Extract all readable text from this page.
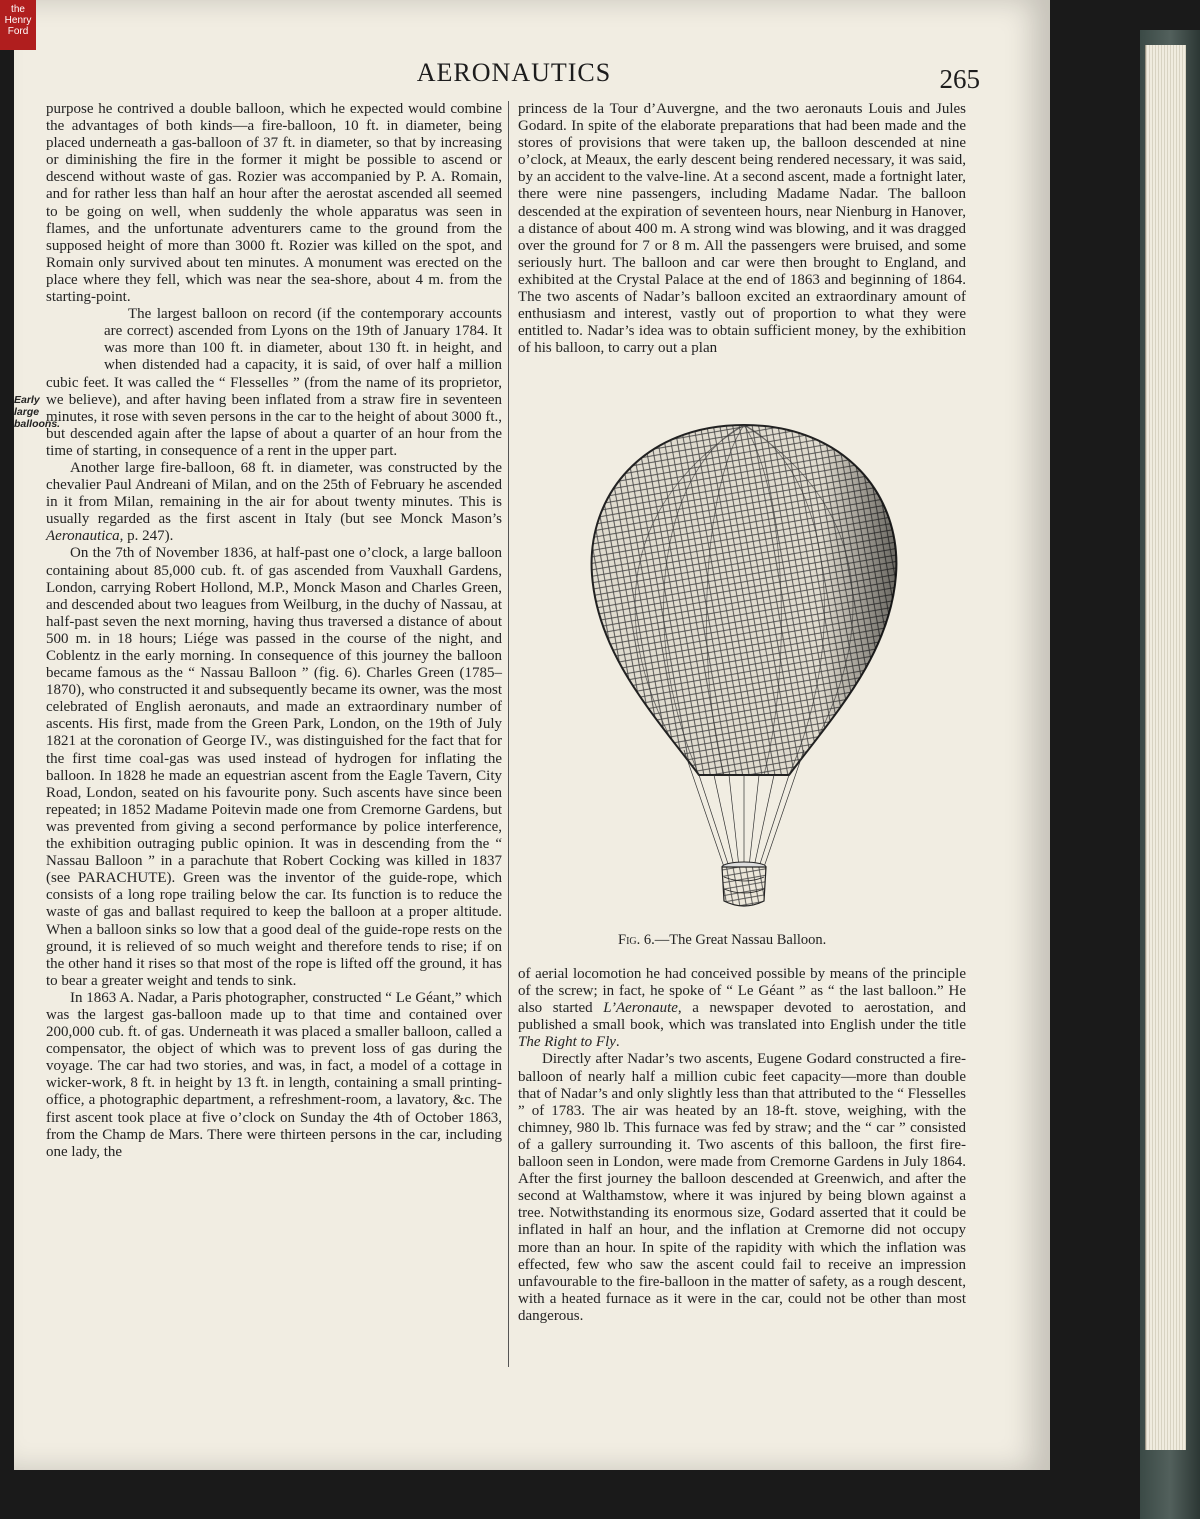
AERONAUTICS	265

purpose he contrived a double balloon, which he expected would combine the advantages of both kinds—a fire-balloon, 10 ft. in diameter, being placed underneath a gas-balloon of 37 ft. in diameter, so that by increasing or diminishing the fire in the former it might be possible to ascend or descend without waste of gas. Rozier was accompanied by P. A. Romain, and for rather less than half an hour after the aerostat ascended all seemed to be going on well, when suddenly the whole apparatus was seen in flames, and the unfortunate adventurers came to the ground from the supposed height of more than 3000 ft. Rozier was killed on the spot, and Romain only survived about ten minutes. A monument was erected on the place where they fell, which was near the sea-shore, about 4 m. from the starting-point.

The largest balloon on record (if the contemporary accounts are correct) ascended from Lyons on the 19th of January 1784. It was more than 100 ft. in diameter, about 130 ft. in height, and when distended had a capacity, it is said, of over half a million cubic feet. It was called the “ Flesselles ” (from the name of its proprietor, we believe), and after having been inflated from a straw fire in seventeen minutes, it rose with seven persons in the car to the height of about 3000 ft., but descended again after the lapse of about a quarter of an hour from the time of starting, in consequence of a rent in the upper part.

Another large fire-balloon, 68 ft. in diameter, was constructed by the chevalier Paul Andreani of Milan, and on the 25th of February he ascended in it from Milan, remaining in the air for about twenty minutes. This is usually regarded as the first ascent in Italy (but see Monck Mason’s Aeronautica, p. 247).

On the 7th of November 1836, at half-past one o’clock, a large balloon containing about 85,000 cub. ft. of gas ascended from Vauxhall Gardens, London, carrying Robert Hollond, M.P., Monck Mason and Charles Green, and descended about two leagues from Weilburg, in the duchy of Nassau, at half-past seven the next morning, having thus traversed a distance of about 500 m. in 18 hours; Liége was passed in the course of the night, and Coblentz in the early morning. In consequence of this journey the balloon became famous as the “ Nassau Balloon ” (fig. 6). Charles Green (1785–1870), who constructed it and subsequently became its owner, was the most celebrated of English aeronauts, and made an extraordinary number of ascents. His first, made from the Green Park, London, on the 19th of July 1821 at the coronation of George IV., was distinguished for the fact that for the first time coal-gas was used instead of hydrogen for inflating the balloon. In 1828 he made an equestrian ascent from the Eagle Tavern, City Road, London, seated on his favourite pony. Such ascents have since been repeated; in 1852 Madame Poitevin made one from Cremorne Gardens, but was prevented from giving a second performance by police interference, the exhibition outraging public opinion. It was in descending from the “ Nassau Balloon ” in a parachute that Robert Cocking was killed in 1837 (see PARACHUTE). Green was the inventor of the guide-rope, which consists of a long rope trailing below the car. Its function is to reduce the waste of gas and ballast required to keep the balloon at a proper altitude. When a balloon sinks so low that a good deal of the guide-rope rests on the ground, it is relieved of so much weight and therefore tends to rise; if on the other hand it rises so that most of the rope is lifted off the ground, it has to bear a greater weight and tends to sink.

In 1863 A. Nadar, a Paris photographer, constructed “ Le Géant,” which was the largest gas-balloon made up to that time and contained over 200,000 cub. ft. of gas. Underneath it was placed a smaller balloon, called a compensator, the object of which was to prevent loss of gas during the voyage. The car had two stories, and was, in fact, a model of a cottage in wicker-work, 8 ft. in height by 13 ft. in length, containing a small printing-office, a photographic department, a refreshment-room, a lavatory, &c. The first ascent took place at five o’clock on Sunday the 4th of October 1863, from the Champ de Mars. There were thirteen persons in the car, including one lady, the

Early
large
balloons.

princess de la Tour d’Auvergne, and the two aeronauts Louis and Jules Godard. In spite of the elaborate preparations that had been made and the stores of provisions that were taken up, the balloon descended at nine o’clock, at Meaux, the early descent being rendered necessary, it was said, by an accident to the valve-line. At a second ascent, made a fortnight later, there were nine passengers, including Madame Nadar. The balloon descended at the expiration of seventeen hours, near Nienburg in Hanover, a distance of about 400 m. A strong wind was blowing, and it was dragged over the ground for 7 or 8 m. All the passengers were bruised, and some seriously hurt. The balloon and car were then brought to England, and exhibited at the Crystal Palace at the end of 1863 and beginning of 1864. The two ascents of Nadar’s balloon excited an extraordinary amount of enthusiasm and interest, vastly out of proportion to what they were entitled to. Nadar’s idea was to obtain sufficient money, by the exhibition of his balloon, to carry out a plan

Fig. 6.—The Great Nassau Balloon.

of aerial locomotion he had conceived possible by means of the principle of the screw; in fact, he spoke of “ Le Géant ” as “ the last balloon.” He also started L’Aeronaute, a newspaper devoted to aerostation, and published a small book, which was translated into English under the title The Right to Fly.

Directly after Nadar’s two ascents, Eugene Godard constructed a fire-balloon of nearly half a million cubic feet capacity—more than double that of Nadar’s and only slightly less than that attributed to the “ Flesselles ” of 1783. The air was heated by an 18-ft. stove, weighing, with the chimney, 980 lb. This furnace was fed by straw; and the “ car ” consisted of a gallery surrounding it. Two ascents of this balloon, the first fire-balloon seen in London, were made from Cremorne Gardens in July 1864. After the first journey the balloon descended at Greenwich, and after the second at Walthamstow, where it was injured by being blown against a tree. Notwithstanding its enormous size, Godard asserted that it could be inflated in half an hour, and the inflation at Cremorne did not occupy more than an hour. In spite of the rapidity with which the inflation was effected, few who saw the ascent could fail to receive an impression unfavourable to the fire-balloon in the matter of safety, as a rough descent, with a heated furnace as it were in the car, could not be other than most dangerous.

the
Henry
Ford
